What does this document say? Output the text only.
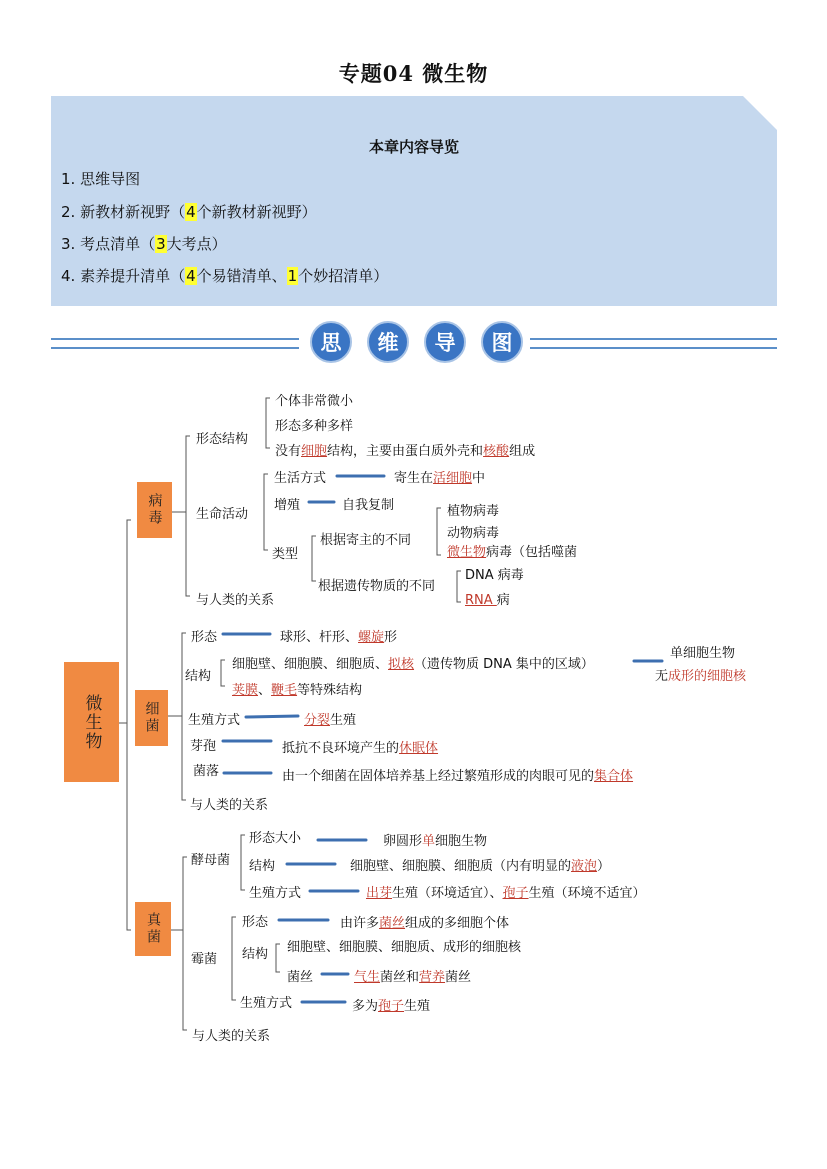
专题04 微生物
本章内容导览
1. 思维导图
2. 新教材新视野（4个新教材新视野）
3. 考点清单（3大考点）
4. 素养提升清单（4个易错清单、1个妙招清单）
思	维	导	图
微生物
病毒
细菌
真菌
形态结构
个体非常微小
形态多种多样
没有细胞结构，主要由蛋白质外壳和核酸组成
生命活动
生活方式	寄生在活细胞中
增殖	自我复制
类型
根据寄主的不同
植物病毒
动物病毒
微生物病毒（包括噬菌
根据遗传物质的不同
DNA 病毒
RNA 病
与人类的关系
形态	球形、杆形、螺旋形
结构
细胞壁、细胞膜、细胞质、拟核（遗传物质 DNA 集中的区域）
荚膜、鞭毛等特殊结构
单细胞生物
无成形的细胞核
生殖方式	分裂生殖
芽孢	抵抗不良环境产生的休眠体
菌落	由一个细菌在固体培养基上经过繁殖形成的肉眼可见的集合体
与人类的关系
酵母菌
形态大小	卵圆形单细胞生物
结构	细胞壁、细胞膜、细胞质（内有明显的液泡）
生殖方式	出芽生殖（环境适宜）、孢子生殖（环境不适宜）
霉菌
形态	由许多菌丝组成的多细胞个体
结构 细胞壁、细胞膜、细胞质、成形的细胞核
菌丝	气生菌丝和营养菌丝
生殖方式	多为孢子生殖
与人类的关系
